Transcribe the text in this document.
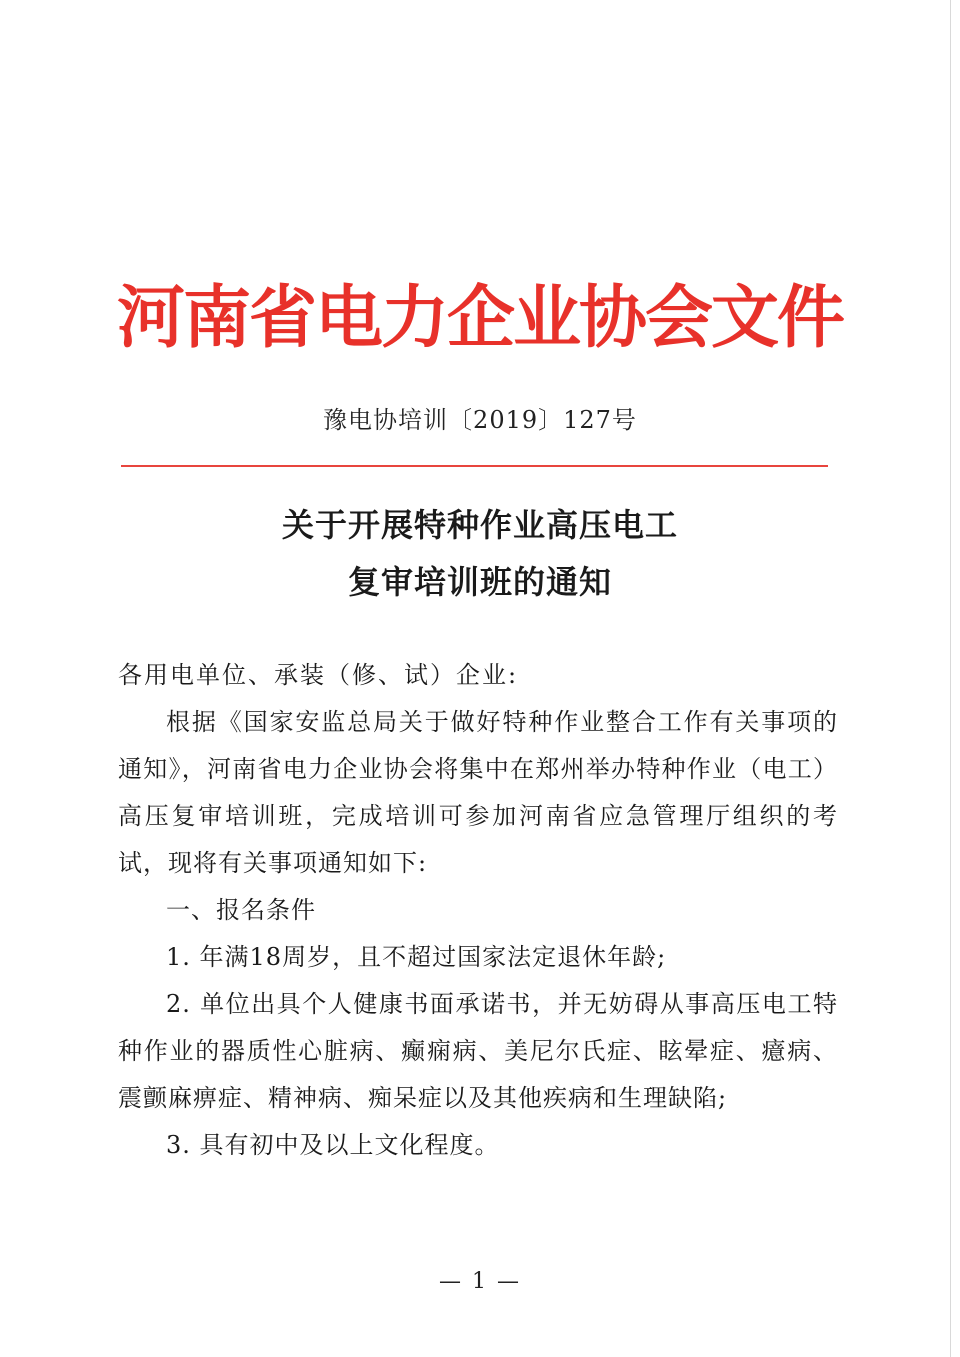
河南省电力企业协会文件
豫电协培训〔2019〕127号
关于开展特种作业高压电工
复审培训班的通知

各用电单位、承装（修、试）企业:

根据《国家安监总局关于做好特种作业整合工作有关事项的通知》，河南省电力企业协会将集中在郑州举办特种作业（电工）高压复审培训班，完成培训可参加河南省应急管理厅组织的考试，现将有关事项通知如下:

一、报名条件

1. 年满18周岁，且不超过国家法定退休年龄;

2. 单位出具个人健康书面承诺书，并无妨碍从事高压电工特种作业的器质性心脏病、癫痫病、美尼尔氏症、眩晕症、癔病、震颤麻痹症、精神病、痴呆症以及其他疾病和生理缺陷;

3. 具有初中及以上文化程度。

— 1 —
